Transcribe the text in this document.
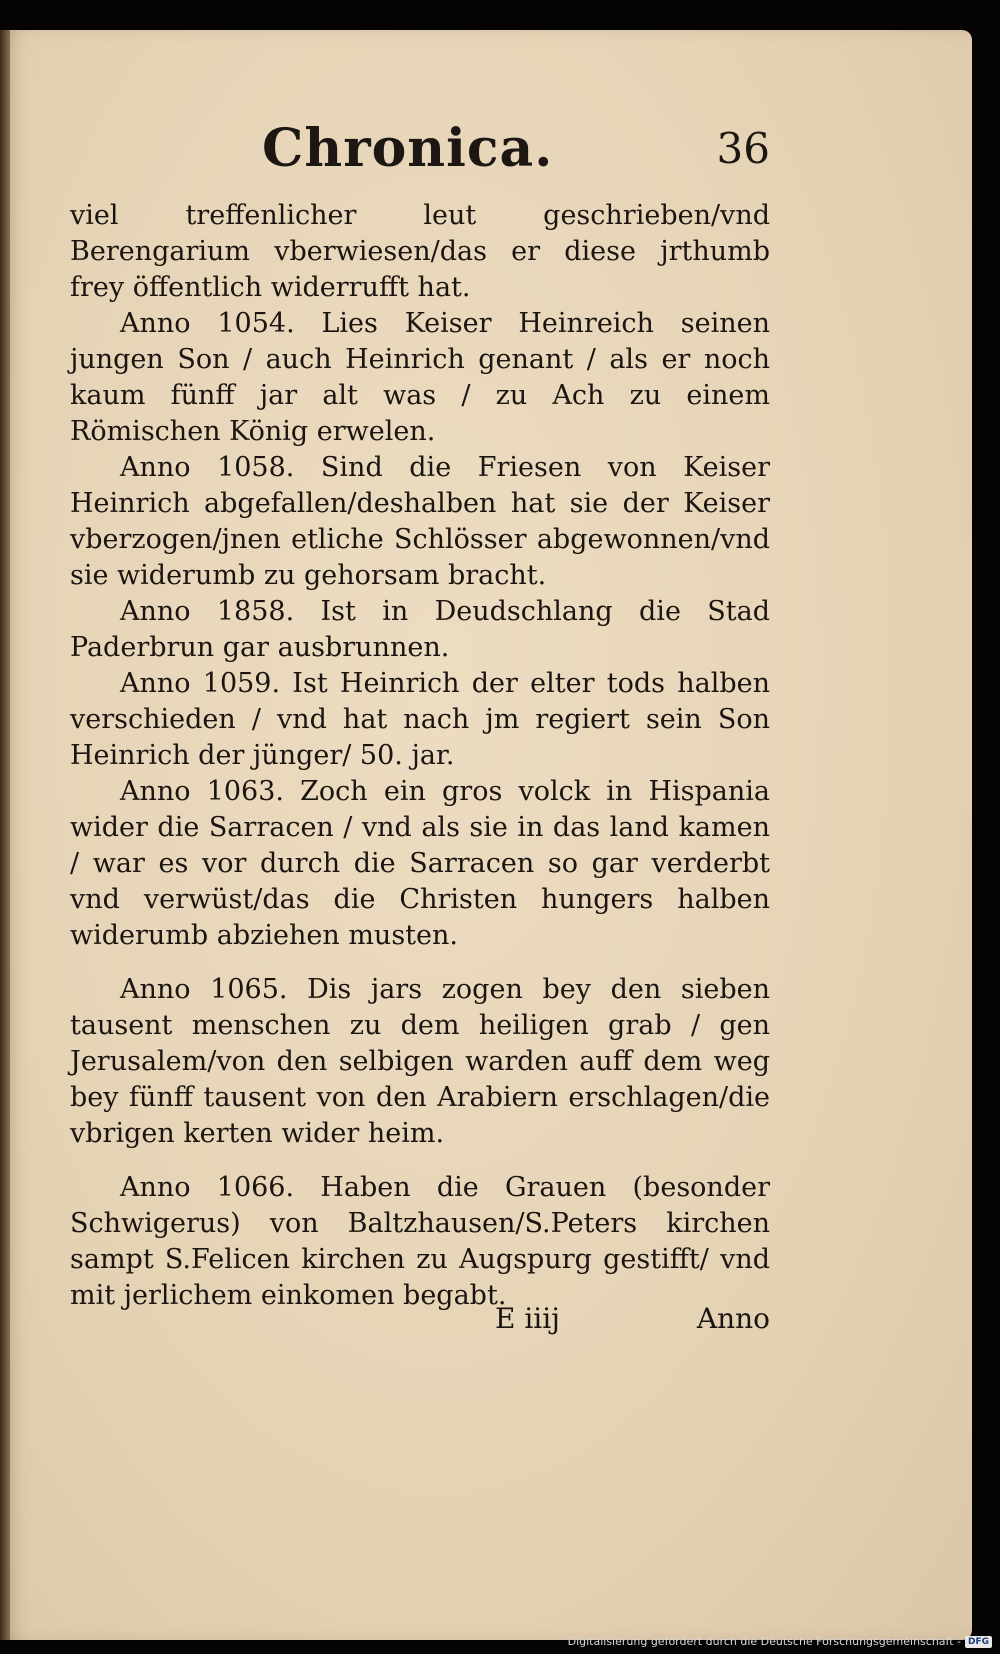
Chronica.	36

viel treffenlicher leut geschrieben/vnd Berengarium vberwiesen/das er diese jrthumb frey öffentlich widerrufft hat.

Anno 1054. Lies Keiser Heinreich seinen jungen Son / auch Heinrich genant / als er noch kaum fünff jar alt was / zu Ach zu einem Römischen König erwelen.

Anno 1058. Sind die Friesen von Keiser Heinrich abgefallen/deshalben hat sie der Keiser vberzogen/jnen etliche Schlösser abgewonnen/vnd sie widerumb zu gehorsam bracht.

Anno 1858. Ist in Deudschlang die Stad Paderbrun gar ausbrunnen.

Anno 1059. Ist Heinrich der elter tods halben verschieden / vnd hat nach jm regiert sein Son Heinrich der jünger/ 50. jar.

Anno 1063. Zoch ein gros volck in Hispania wider die Sarracen / vnd als sie in das land kamen / war es vor durch die Sarracen so gar verderbt vnd verwüst/das die Christen hungers halben widerumb abziehen musten.

Anno 1065. Dis jars zogen bey den sieben tausent menschen zu dem heiligen grab / gen Jerusalem/von den selbigen warden auff dem weg bey fünff tausent von den Arabiern erschlagen/die vbrigen kerten wider heim.

Anno 1066. Haben die Grauen (besonder Schwigerus) von Baltzhausen/S.Peters kirchen sampt S.Felicen kirchen zu Augspurg gestifft/ vnd mit jerlichem einkomen begabt.

E iiij	Anno
Digitalisierung gefördert durch die Deutsche Forschungsgemeinschaft - DFG
